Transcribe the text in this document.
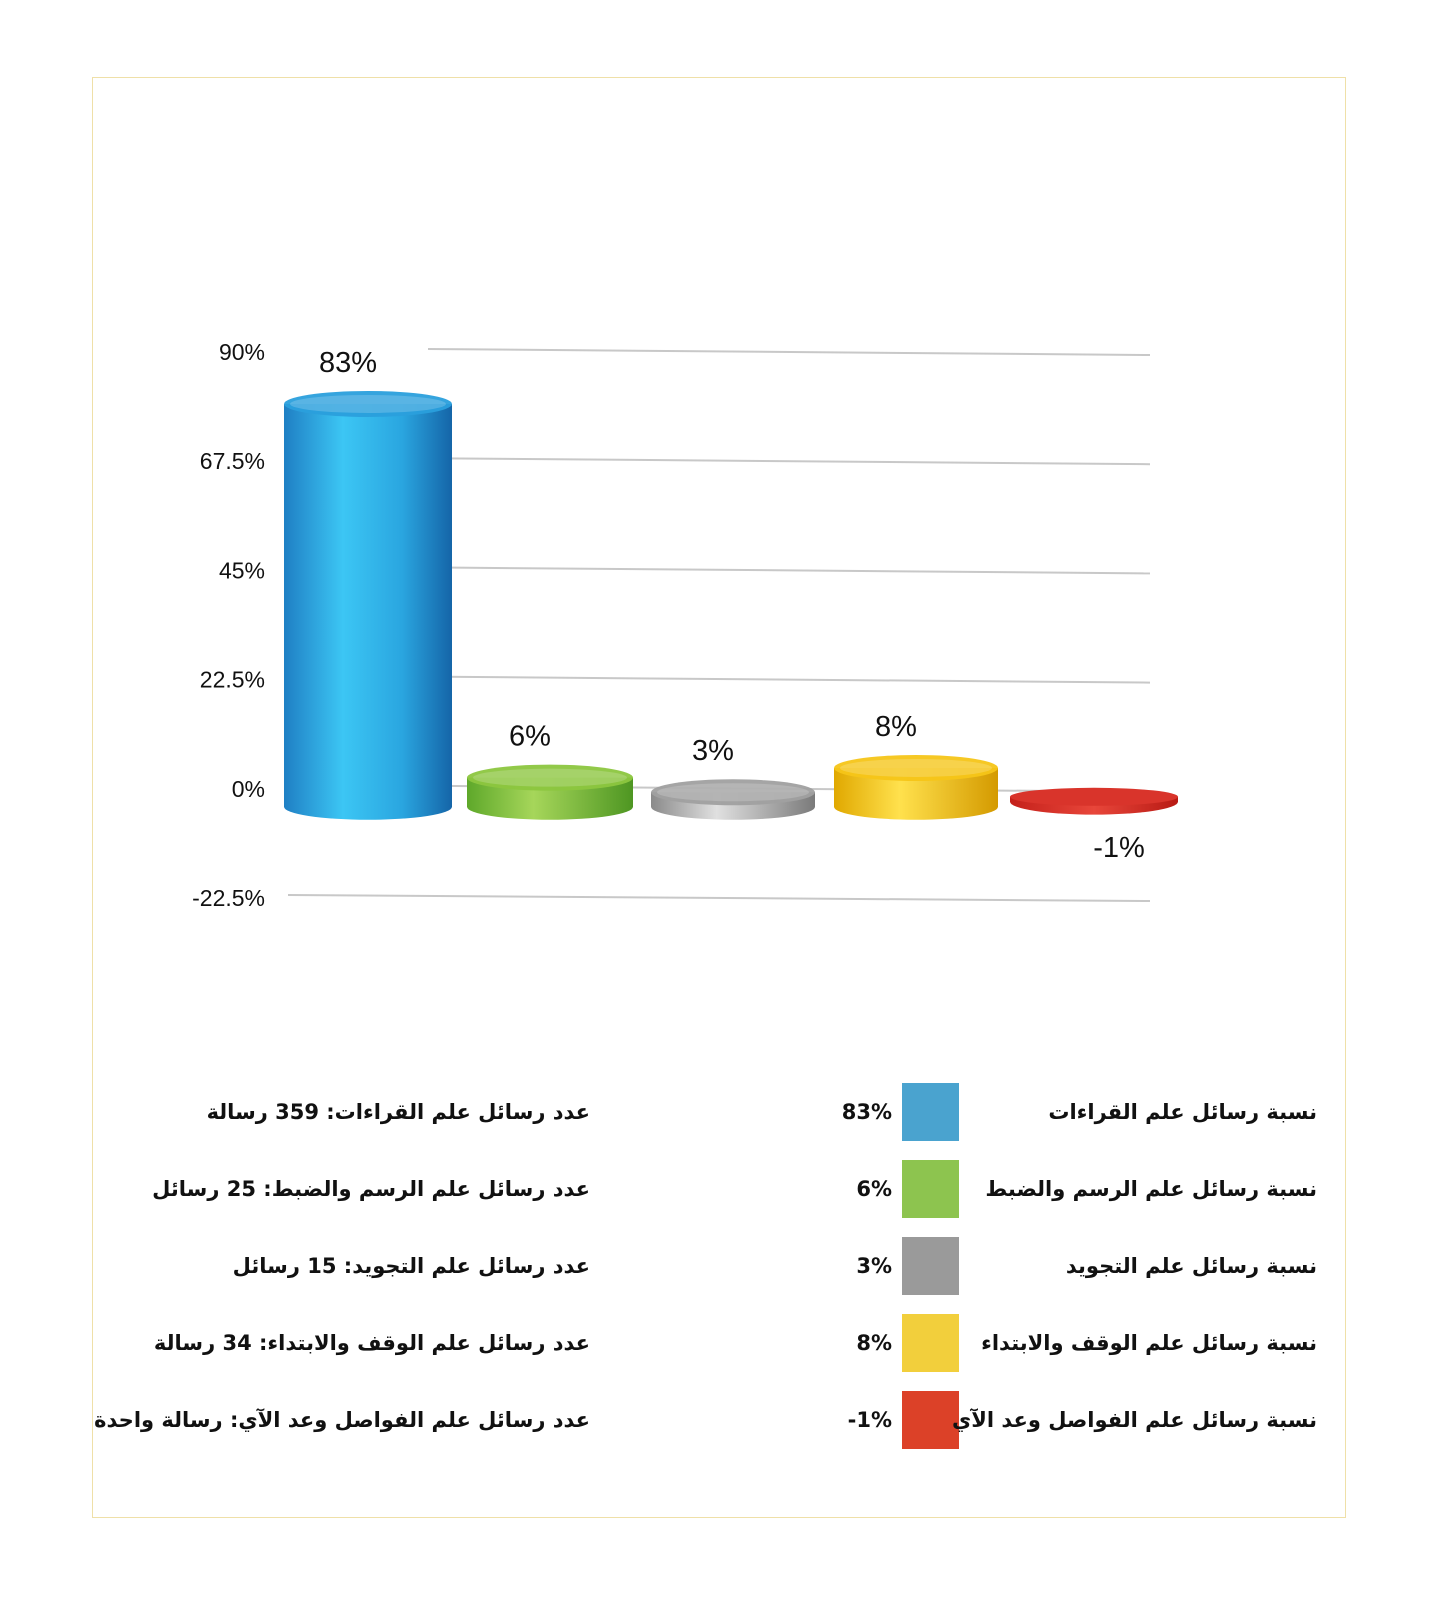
90%
67.5%
45%
22.5%
0%
-22.5%
83%
6%	3%
8%
-1%
نسبة رسائل علم القراءات
83%
عدد رسائل علم القراءات: 359 رسالة
نسبة رسائل علم الرسم والضبط
6%
عدد رسائل علم الرسم والضبط: 25 رسائل
نسبة رسائل علم التجويد
3%
عدد رسائل علم التجويد: 15 رسائل
نسبة رسائل علم الوقف والابتداء
8%
عدد رسائل علم الوقف والابتداء: 34 رسالة
نسبة رسائل علم الفواصل وعد الآي
-1%
عدد رسائل علم الفواصل وعد الآي: رسالة واحدة
